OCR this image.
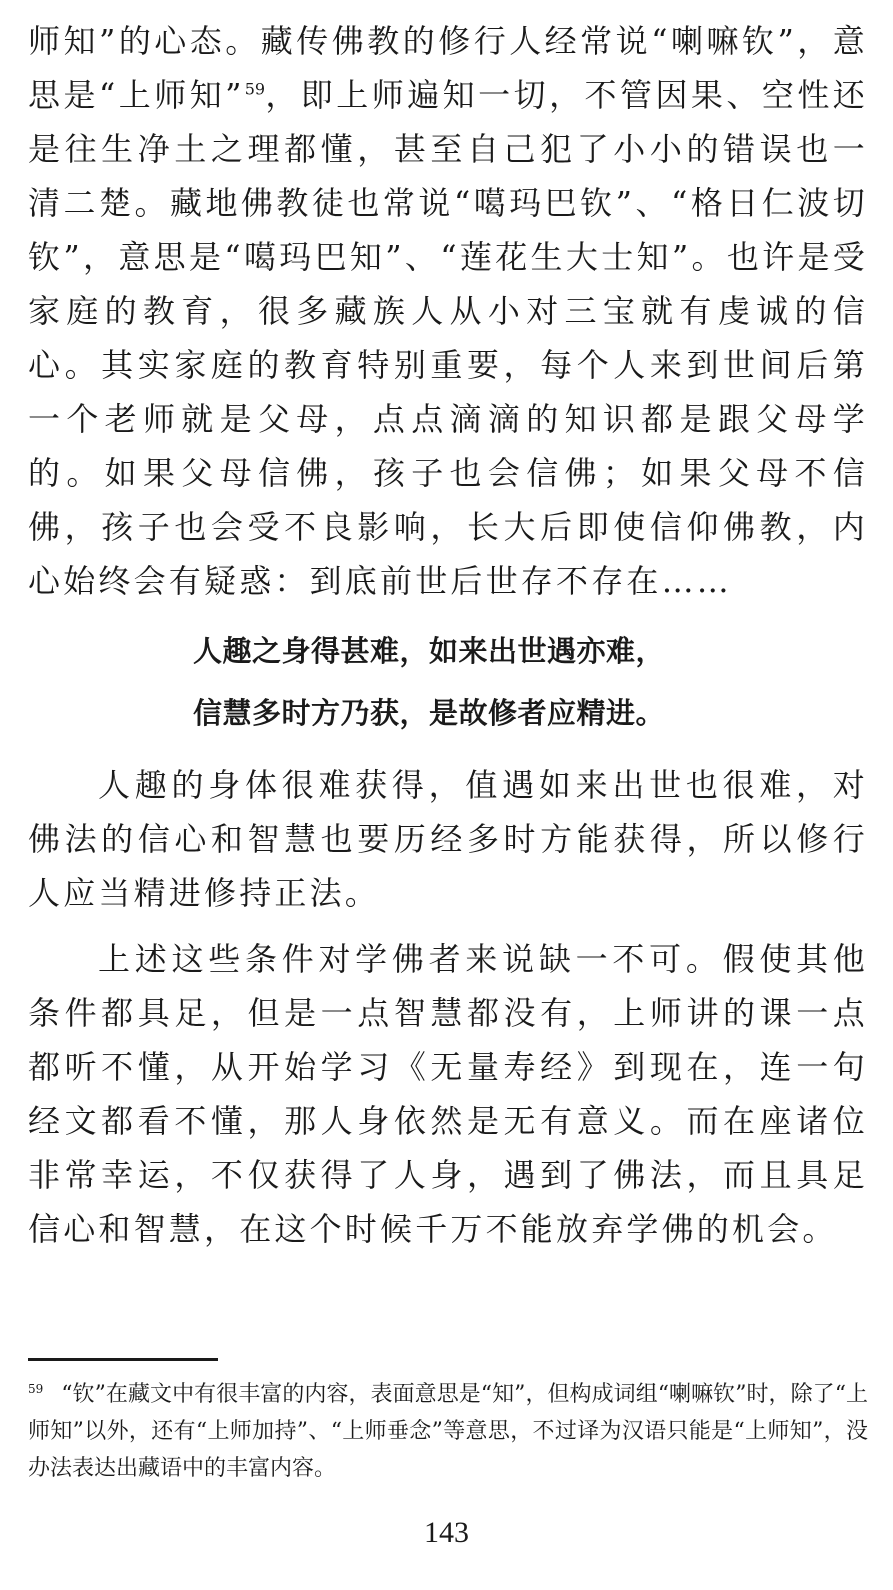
师知”的心态。藏传佛教的修行人经常说“喇嘛钦”，意思是“上师知”$^{59}$，即上师遍知一切，不管因果、空性还是往生净土之理都懂，甚至自己犯了小小的错误也一清二楚。藏地佛教徒也常说“噶玛巴钦”、“格日仁波切钦”，意思是“噶玛巴知”、“莲花生大士知”。也许是受家庭的教育，很多藏族人从小对三宝就有虔诚的信心。其实家庭的教育特别重要，每个人来到世间后第一个老师就是父母，点点滴滴的知识都是跟父母学的。如果父母信佛，孩子也会信佛；如果父母不信佛，孩子也会受不良影响，长大后即使信仰佛教，内心始终会有疑惑：到底前世后世存不存在……

人趣之身得甚难，如来出世遇亦难，

信慧多时方乃获，是故修者应精进。

人趣的身体很难获得，值遇如来出世也很难，对佛法的信心和智慧也要历经多时方能获得，所以修行人应当精进修持正法。

上述这些条件对学佛者来说缺一不可。假使其他条件都具足，但是一点智慧都没有，上师讲的课一点都听不懂，从开始学习《无量寿经》到现在，连一句经文都看不懂，那人身依然是无有意义。而在座诸位非常幸运，不仅获得了人身，遇到了佛法，而且具足信心和智慧，在这个时候千万不能放弃学佛的机会。

$^{59}$ “钦”在藏文中有很丰富的内容，表面意思是“知”，但构成词组“喇嘛钦”时，除了“上师知”以外，还有“上师加持”、“上师垂念”等意思，不过译为汉语只能是“上师知”，没办法表达出藏语中的丰富内容。

143
